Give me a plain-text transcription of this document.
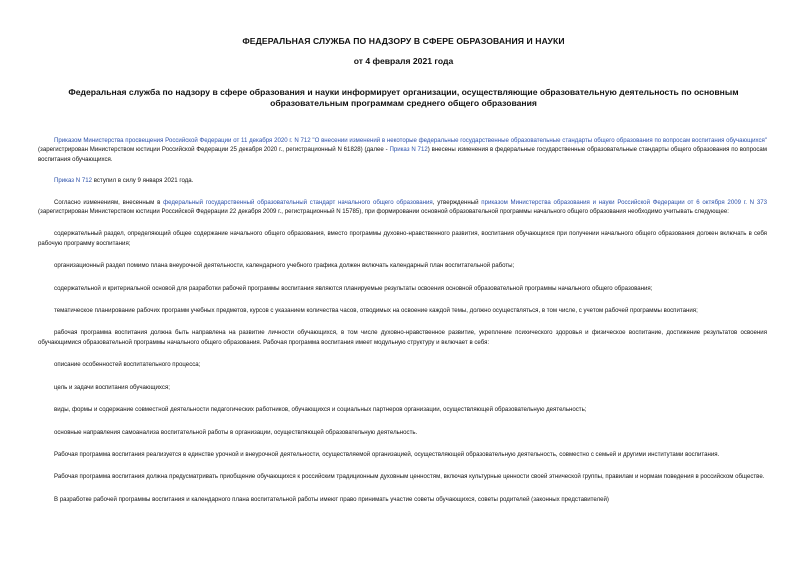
ФЕДЕРАЛЬНАЯ СЛУЖБА ПО НАДЗОРУ В СФЕРЕ ОБРАЗОВАНИЯ И НАУКИ
от 4 февраля 2021 года
Федеральная служба по надзору в сфере образования и науки информирует организации, осуществляющие образовательную деятельность по основным образовательным программам среднего общего образования

Приказом Министерства просвещения Российской Федерации от 11 декабря 2020 г. N 712 "О внесении изменений в некоторые федеральные государственные образовательные стандарты общего образования по вопросам воспитания обучающихся" (зарегистрирован Министерством юстиции Российской Федерации 25 декабря 2020 г., регистрационный N 61828) (далее - Приказ N 712) внесены изменения в федеральные государственные образовательные стандарты общего образования по вопросам воспитания обучающихся.

Приказ N 712 вступил в силу 9 января 2021 года.

Согласно изменениям, внесенным в федеральный государственный образовательный стандарт начального общего образования, утвержденный приказом Министерства образования и науки Российской Федерации от 6 октября 2009 г. N 373 (зарегистрирован Министерством юстиции Российской Федерации 22 декабря 2009 г., регистрационный N 15785), при формировании основной образовательной программы начального общего образования необходимо учитывать следующее:

содержательный раздел, определяющий общее содержание начального общего образования, вместо программы духовно-нравственного развития, воспитания обучающихся при получении начального общего образования должен включать в себя рабочую программу воспитания;

организационный раздел помимо плана внеурочной деятельности, календарного учебного графика должен включать календарный план воспитательной работы;

содержательной и критериальной основой для разработки рабочей программы воспитания являются планируемые результаты освоения основной образовательной программы начального общего образования;

тематическое планирование рабочих программ учебных предметов, курсов с указанием количества часов, отводимых на освоение каждой темы, должно осуществляться, в том числе, с учетом рабочей программы воспитания;

рабочая программа воспитания должна быть направлена на развитие личности обучающихся, в том числе духовно-нравственное развитие, укрепление психического здоровья и физическое воспитание, достижение результатов освоения обучающимися образовательной программы начального общего образования. Рабочая программа воспитания имеет модульную структуру и включает в себя:

описание особенностей воспитательного процесса;

цель и задачи воспитания обучающихся;

виды, формы и содержание совместной деятельности педагогических работников, обучающихся и социальных партнеров организации, осуществляющей образовательную деятельность;

основные направления самоанализа воспитательной работы в организации, осуществляющей образовательную деятельность.

Рабочая программа воспитания реализуется в единстве урочной и внеурочной деятельности, осуществляемой организацией, осуществляющей образовательную деятельность, совместно с семьей и другими институтами воспитания.

Рабочая программа воспитания должна предусматривать приобщение обучающихся к российским традиционным духовным ценностям, включая культурные ценности своей этнической группы, правилам и нормам поведения в российском обществе.

В разработке рабочей программы воспитания и календарного плана воспитательной работы имеют право принимать участие советы обучающихся, советы родителей (законных представителей)
